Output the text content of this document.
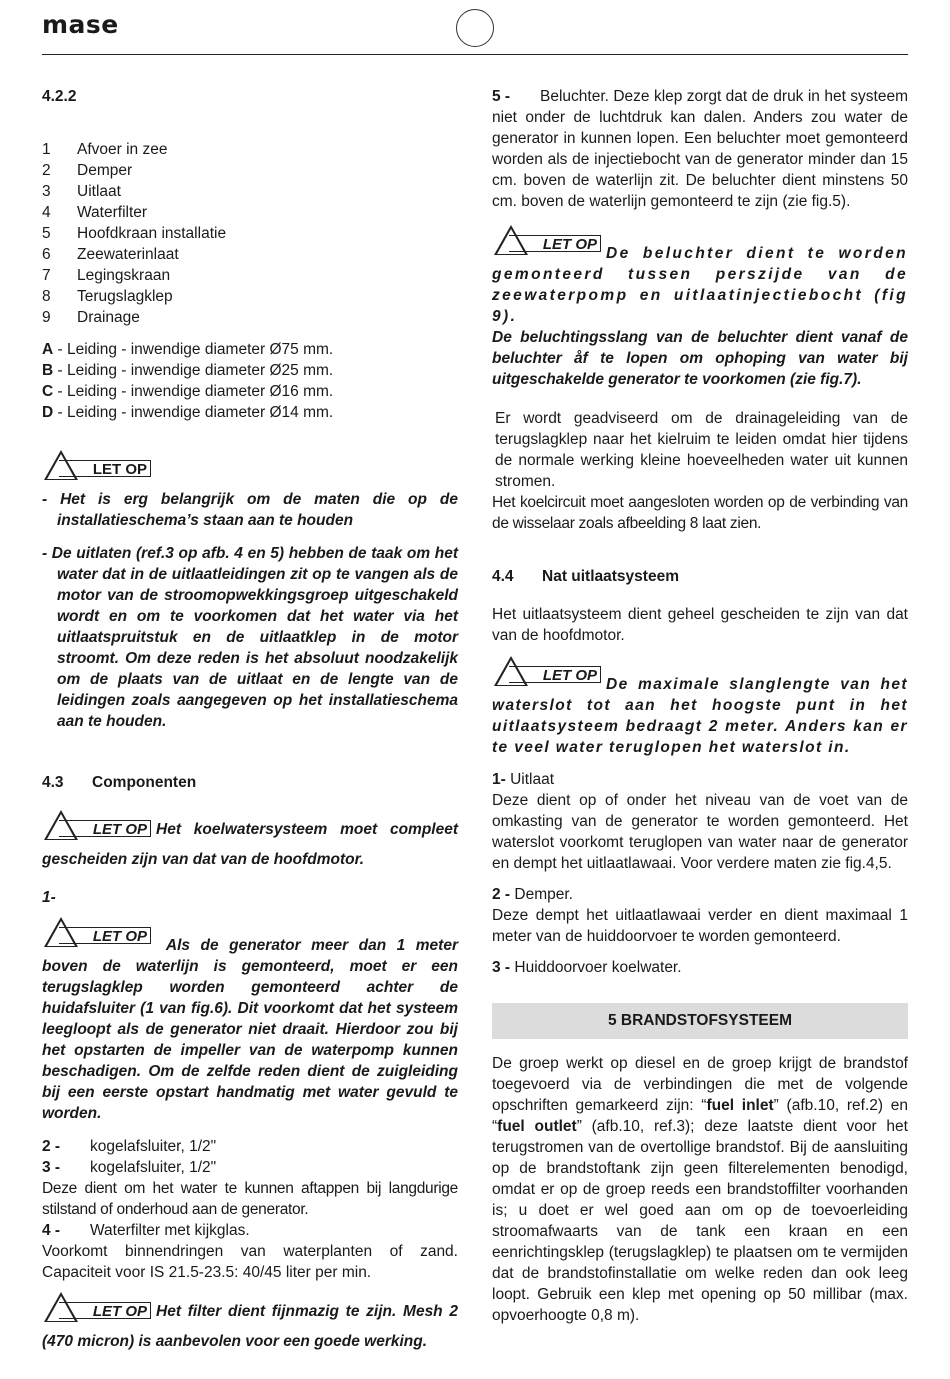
mase
4.2.2
1	Afvoer in zee
2	Demper
3	Uitlaat
4	Waterfilter
5	Hoofdkraan installatie
6	Zeewaterinlaat
7	Legingskraan
8	Terugslagklep
9	Drainage
A - Leiding - inwendige diameter Ø75 mm.
B - Leiding - inwendige diameter Ø25 mm.
C - Leiding - inwendige diameter Ø16 mm.
D - Leiding - inwendige diameter Ø14 mm.
LET OP

- Het is erg belangrijk om de maten die op de installatieschema’s staan aan te houden

- De uitlaten (ref.3 op afb. 4 en 5) hebben de taak om het water dat in de uitlaatleidingen zit op te vangen als de motor van de stroomopwekkingsgroep uitgeschakeld wordt en om te voorkomen dat het water via het uitlaatspruitstuk en de uitlaatklep in de motor stroomt. Om deze reden is het absoluut noodzakelijk om de plaats van de uitlaat en de lengte van de leidingen zoals aangegeven op het installatieschema aan te houden.

4.3	Componenten

LET OP Het koelwatersysteem moet compleet gescheiden zijn van dat van de hoofdmotor.

1-

LET OP
Als de generator meer dan 1 meter boven de waterlijn is gemonteerd, moet er een terugslagklep worden gemonteerd achter de huidafsluiter (1 van fig.6). Dit voorkomt dat het systeem leegloopt als de generator niet draait. Hierdoor zou bij het opstarten de impeller van de waterpomp kunnen beschadigen. Om de zelfde reden dient de zuigleiding bij een eerste opstart handmatig met water gevuld te worden.

2 -	kogelafsluiter, 1/2"
3 -	kogelafsluiter, 1/2"

Deze dient om het water te kunnen aftappen bij langdurige stilstand of onderhoud aan de generator.

4 -	Waterfilter met kijkglas.

Voorkomt binnendringen van waterplanten of zand. Capaciteit voor IS 21.5-23.5: 40/45 liter per min.

LET OP Het filter dient fijnmazig te zijn. Mesh 2 (470 micron) is aanbevolen voor een goede werking.

5 - Beluchter. Deze klep zorgt dat de druk in het systeem niet onder de luchtdruk kan dalen. Anders zou water de generator in kunnen lopen. Een beluchter moet gemonteerd worden als de injectiebocht van de generator minder dan 15 cm. boven de waterlijn zit. De beluchter dient minstens 50 cm. boven de waterlijn gemonteerd te zijn (zie fig.5).

LET OP
De beluchter dient te worden gemonteerd tussen perszijde van de zeewaterpomp en uitlaatinjectiebocht (fig 9).

De beluchtingsslang van de beluchter dient vanaf de beluchter åf te lopen om ophoping van water bij uitgeschakelde generator te voorkomen (zie fig.7).

Er wordt geadviseerd om de drainageleiding van de terugslagklep naar het kielruim te leiden omdat hier tijdens de normale werking kleine hoeveelheden water uit kunnen stromen.

Het koelcircuit moet aangesloten worden op de verbinding van de wisselaar zoals afbeelding 8 laat zien.

4.4	Nat uitlaatsysteem

Het uitlaatsysteem dient geheel gescheiden te zijn van dat van de hoofdmotor.

LET OP
De maximale slanglengte van het waterslot tot aan het hoogste punt in het uitlaatsysteem bedraagt 2 meter. Anders kan er te veel water teruglopen het waterslot in.

1- Uitlaat

Deze dient op of onder het niveau van de voet van de omkasting van de generator te worden gemonteerd. Het waterslot voorkomt teruglopen van water naar de generator en dempt het uitlaatlawaai. Voor verdere maten zie fig.4,5.

2 - Demper.

Deze dempt het uitlaatlawaai verder en dient maximaal 1 meter van de huiddoorvoer te worden gemonteerd.

3 - Huiddoorvoer koelwater.
5 BRANDSTOFSYSTEEM

De groep werkt op diesel en de groep krijgt de brandstof toegevoerd via de verbindingen die met de volgende opschriften gemarkeerd zijn: “fuel inlet” (afb.10, ref.2) en “fuel outlet” (afb.10, ref.3); deze laatste dient voor het terugstromen van de overtollige brandstof. Bij de aansluiting op de brandstoftank zijn geen filterelementen benodigd, omdat er op de groep reeds een brandstoffilter voorhanden is; u doet er wel goed aan om op de toevoerleiding stroomafwaarts van de tank een kraan en een eenrichtingsklep (terugslagklep) te plaatsen om te vermijden dat de brandstofinstallatie om welke reden dan ook leeg loopt. Gebruik een klep met opening op 50 millibar (max. opvoerhoogte 0,8 m).
